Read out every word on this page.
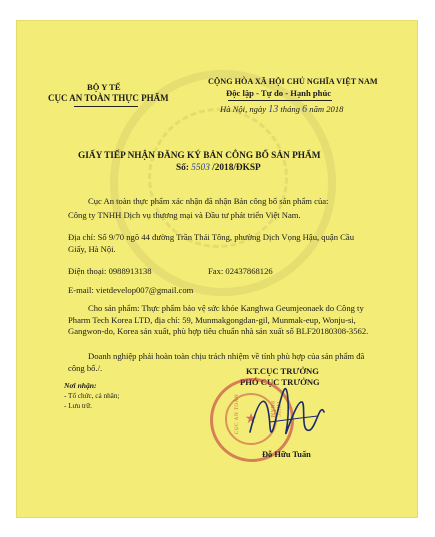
BỘ Y TẾ
CỤC AN TOÀN THỰC PHẨM
CỘNG HÒA XÃ HỘI CHỦ NGHĨA VIỆT NAM
Độc lập - Tự do - Hạnh phúc
Hà Nội, ngày 13 tháng 6 năm 2018
GIẤY TIẾP NHẬN ĐĂNG KÝ BẢN CÔNG BỐ SẢN PHẨM
Số: 5503 /2018/ĐKSP
Cục An toàn thực phẩm xác nhận đã nhận Bản công bố sản phẩm của:
Công ty TNHH Dịch vụ thương mại và Đầu tư phát triển Việt Nam.
Địa chỉ: Số 9/70 ngõ 44 đường Trần Thái Tông, phường Dịch Vọng Hậu, quận Cầu Giấy, Hà Nội.
Điện thoại: 0988913138	Fax: 02437868126
E-mail: vietdevelop007@gmail.com
Cho sản phẩm: Thực phẩm bảo vệ sức khỏe Kanghwa Geumjeonaek do Công ty Pharm Tech Korea LTD, địa chỉ: 59, Munmakgongdan-gil, Munmak-eup, Wonju-si, Gangwon-do, Korea sản xuất, phù hợp tiêu chuẩn nhà sản xuất số BLF20180308-3562.
Doanh nghiệp phải hoàn toàn chịu trách nhiệm về tính phù hợp của sản phẩm đã công bố./.
Nơi nhận:
- Tổ chức, cá nhân;
- Lưu trữ.
KT.CỤC TRƯỞNG
PHÓ CỤC TRƯỞNG
★
CỤC AN TOÀN	THỰC PHẨM
Đỗ Hữu Tuấn
